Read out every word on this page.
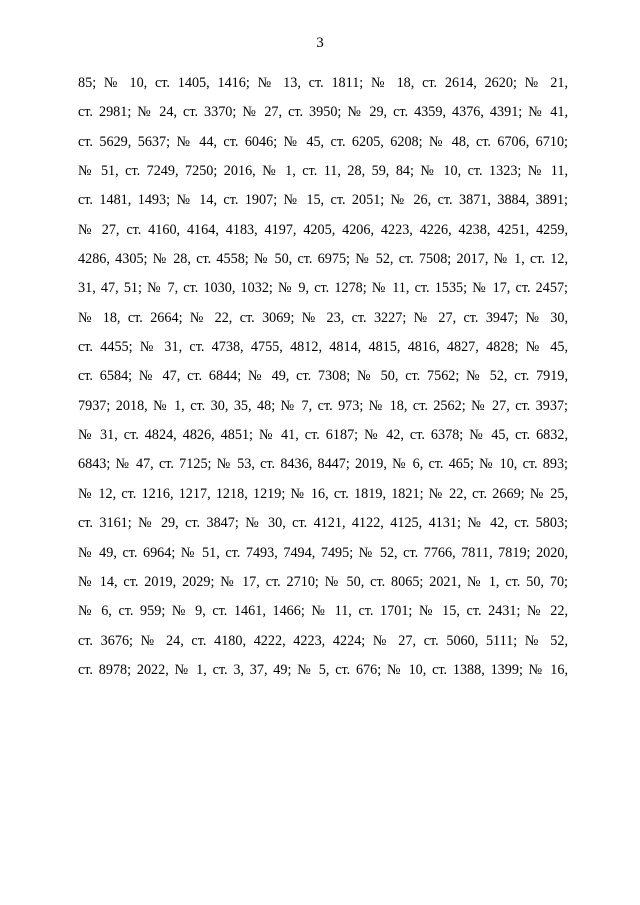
3
85; № 10, ст. 1405, 1416; № 13, ст. 1811; № 18, ст. 2614, 2620; № 21,
ст. 2981; № 24, ст. 3370; № 27, ст. 3950; № 29, ст. 4359, 4376, 4391; № 41,
ст. 5629, 5637; № 44, ст. 6046; № 45, ст. 6205, 6208; № 48, ст. 6706, 6710;
№ 51, ст. 7249, 7250; 2016, № 1, ст. 11, 28, 59, 84; № 10, ст. 1323; № 11,
ст. 1481, 1493; № 14, ст. 1907; № 15, ст. 2051; № 26, ст. 3871, 3884, 3891;
№ 27, ст. 4160, 4164, 4183, 4197, 4205, 4206, 4223, 4226, 4238, 4251, 4259,
4286, 4305; № 28, ст. 4558; № 50, ст. 6975; № 52, ст. 7508; 2017, № 1, ст. 12,
31, 47, 51; № 7, ст. 1030, 1032; № 9, ст. 1278; № 11, ст. 1535; № 17, ст. 2457;
№ 18, ст. 2664; № 22, ст. 3069; № 23, ст. 3227; № 27, ст. 3947; № 30,
ст. 4455; № 31, ст. 4738, 4755, 4812, 4814, 4815, 4816, 4827, 4828; № 45,
ст. 6584; № 47, ст. 6844; № 49, ст. 7308; № 50, ст. 7562; № 52, ст. 7919,
7937; 2018, № 1, ст. 30, 35, 48; № 7, ст. 973; № 18, ст. 2562; № 27, ст. 3937;
№ 31, ст. 4824, 4826, 4851; № 41, ст. 6187; № 42, ст. 6378; № 45, ст. 6832,
6843; № 47, ст. 7125; № 53, ст. 8436, 8447; 2019, № 6, ст. 465; № 10, ст. 893;
№ 12, ст. 1216, 1217, 1218, 1219; № 16, ст. 1819, 1821; № 22, ст. 2669; № 25,
ст. 3161; № 29, ст. 3847; № 30, ст. 4121, 4122, 4125, 4131; № 42, ст. 5803;
№ 49, ст. 6964; № 51, ст. 7493, 7494, 7495; № 52, ст. 7766, 7811, 7819; 2020,
№ 14, ст. 2019, 2029; № 17, ст. 2710; № 50, ст. 8065; 2021, № 1, ст. 50, 70;
№ 6, ст. 959; № 9, ст. 1461, 1466; № 11, ст. 1701; № 15, ст. 2431; № 22,
ст. 3676; № 24, ст. 4180, 4222, 4223, 4224; № 27, ст. 5060, 5111; № 52,
ст. 8978; 2022, № 1, ст. 3, 37, 49; № 5, ст. 676; № 10, ст. 1388, 1399; № 16,
